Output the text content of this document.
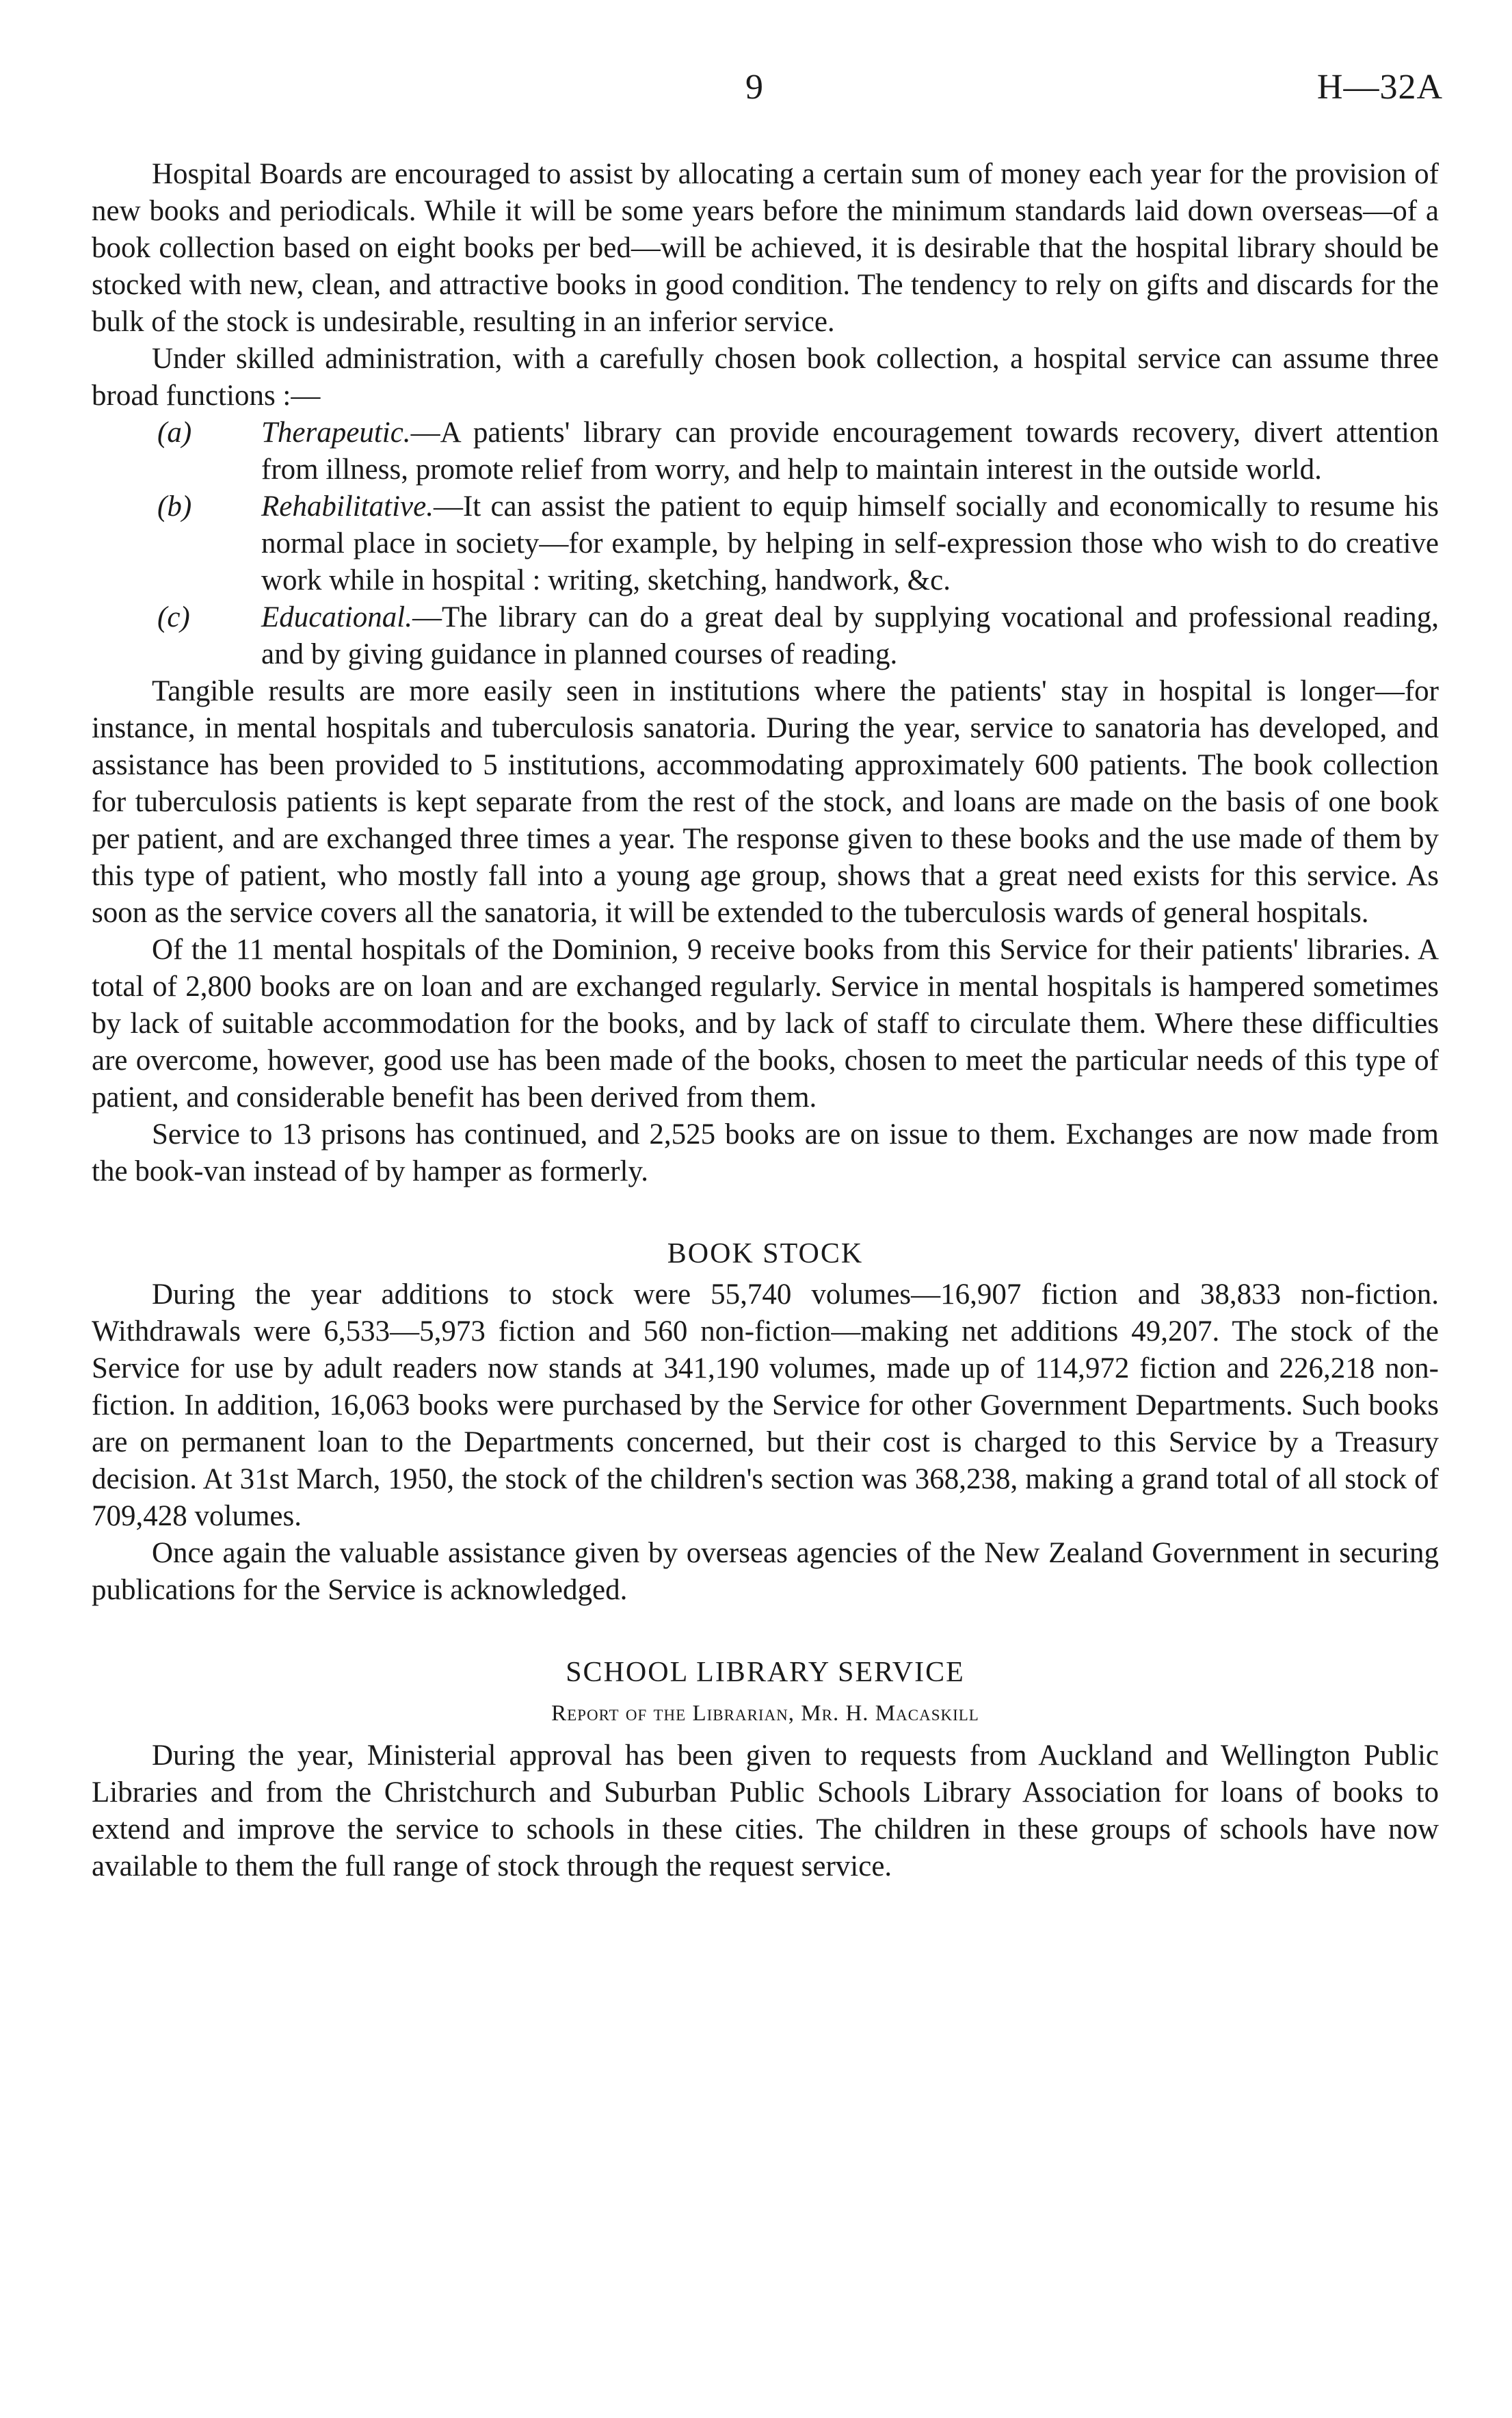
9	H—32A

Hospital Boards are encouraged to assist by allocating a certain sum of money each year for the provision of new books and periodicals. While it will be some years before the minimum standards laid down overseas—of a book collection based on eight books per bed—will be achieved, it is desirable that the hospital library should be stocked with new, clean, and attractive books in good condition. The tendency to rely on gifts and discards for the bulk of the stock is undesirable, resulting in an inferior service.

Under skilled administration, with a carefully chosen book collection, a hospital service can assume three broad functions :—

(a) Therapeutic.—A patients' library can provide encouragement towards recovery, divert attention from illness, promote relief from worry, and help to maintain interest in the outside world.
(b) Rehabilitative.—It can assist the patient to equip himself socially and economically to resume his normal place in society—for example, by helping in self-expression those who wish to do creative work while in hospital : writing, sketching, handwork, &c.
(c) Educational.—The library can do a great deal by supplying vocational and professional reading, and by giving guidance in planned courses of reading.

Tangible results are more easily seen in institutions where the patients' stay in hospital is longer—for instance, in mental hospitals and tuberculosis sanatoria. During the year, service to sanatoria has developed, and assistance has been provided to 5 institutions, accommodating approximately 600 patients. The book collection for tuberculosis patients is kept separate from the rest of the stock, and loans are made on the basis of one book per patient, and are exchanged three times a year. The response given to these books and the use made of them by this type of patient, who mostly fall into a young age group, shows that a great need exists for this service. As soon as the service covers all the sanatoria, it will be extended to the tuberculosis wards of general hospitals.

Of the 11 mental hospitals of the Dominion, 9 receive books from this Service for their patients' libraries. A total of 2,800 books are on loan and are exchanged regularly. Service in mental hospitals is hampered sometimes by lack of suitable accommodation for the books, and by lack of staff to circulate them. Where these difficulties are overcome, however, good use has been made of the books, chosen to meet the particular needs of this type of patient, and considerable benefit has been derived from them.

Service to 13 prisons has continued, and 2,525 books are on issue to them. Exchanges are now made from the book-van instead of by hamper as formerly.

BOOK STOCK

During the year additions to stock were 55,740 volumes—16,907 fiction and 38,833 non-fiction. Withdrawals were 6,533—5,973 fiction and 560 non-fiction—making net additions 49,207. The stock of the Service for use by adult readers now stands at 341,190 volumes, made up of 114,972 fiction and 226,218 non-fiction. In addition, 16,063 books were purchased by the Service for other Government Departments. Such books are on permanent loan to the Departments concerned, but their cost is charged to this Service by a Treasury decision. At 31st March, 1950, the stock of the children's section was 368,238, making a grand total of all stock of 709,428 volumes.

Once again the valuable assistance given by overseas agencies of the New Zealand Government in securing publications for the Service is acknowledged.

SCHOOL LIBRARY SERVICE
Report of the Librarian, Mr. H. Macaskill

During the year, Ministerial approval has been given to requests from Auckland and Wellington Public Libraries and from the Christchurch and Suburban Public Schools Library Association for loans of books to extend and improve the service to schools in these cities. The children in these groups of schools have now available to them the full range of stock through the request service.
